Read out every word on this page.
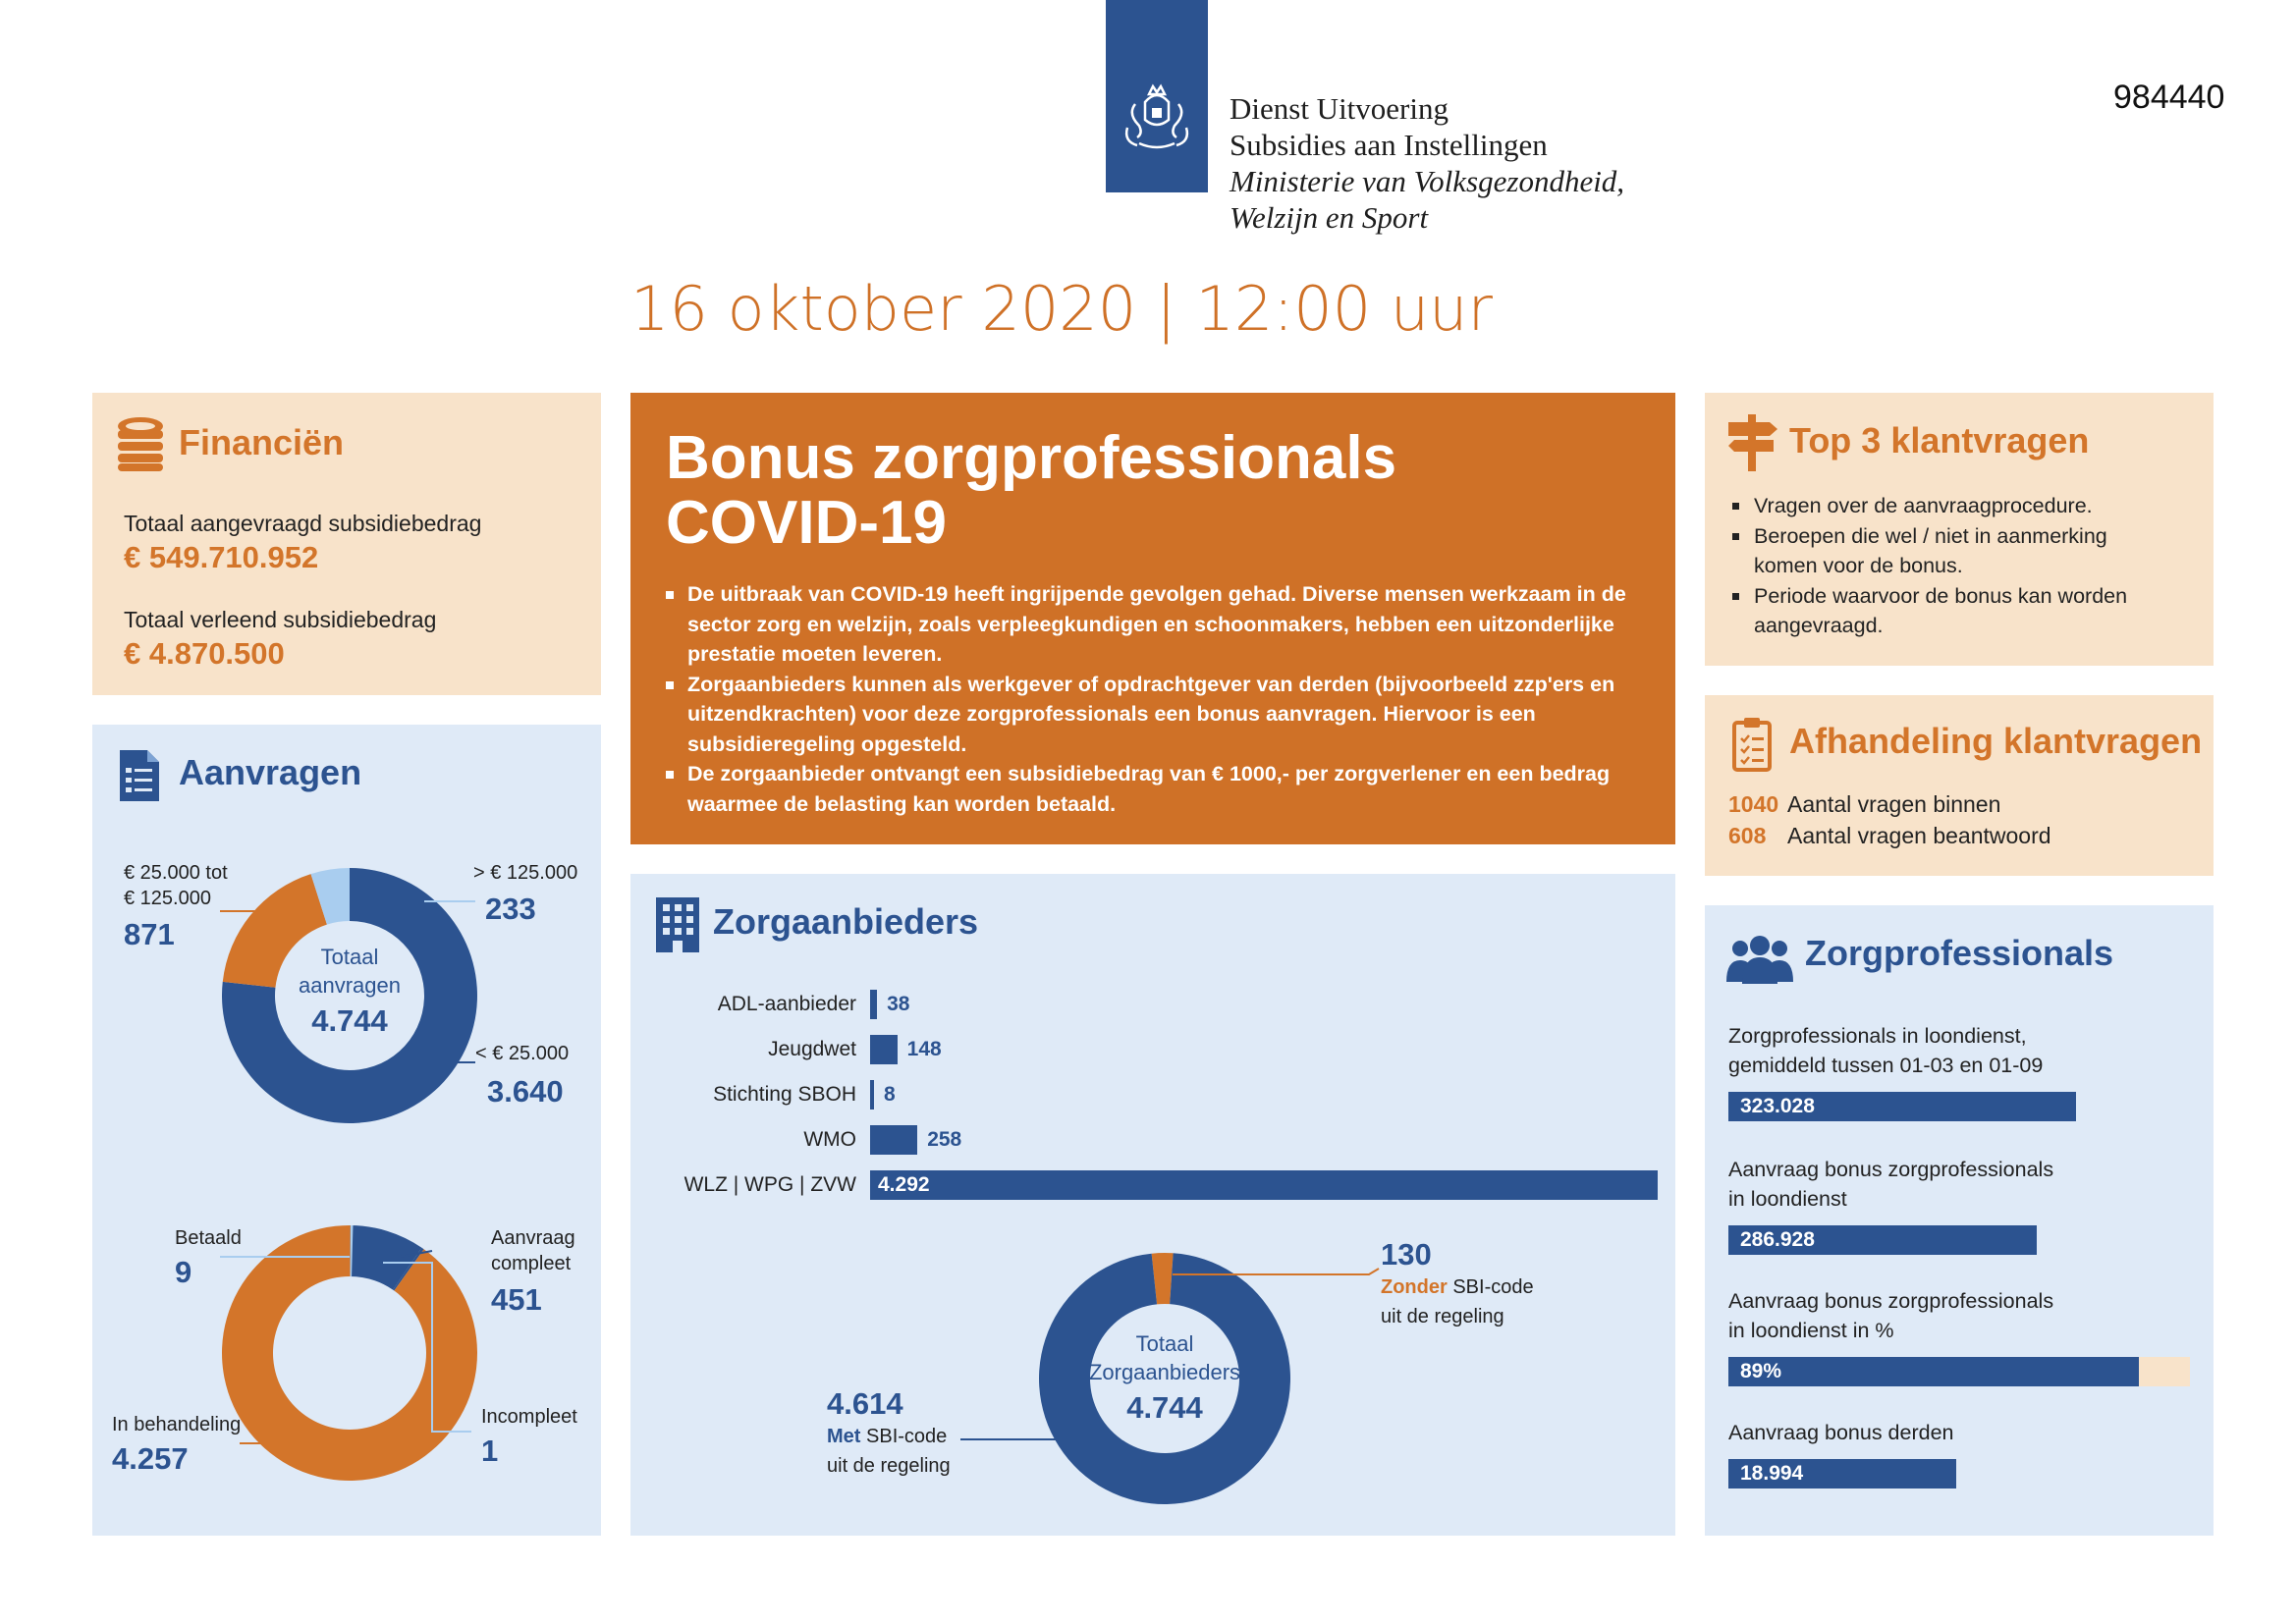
Dienst Uitvoering
Subsidies aan Instellingen
Ministerie van Volksgezondheid,
Welzijn en Sport
984440
16 oktober 2020 | 12:00 uur
Financiën
Totaal aangevraagd subsidiebedrag
€ 549.710.952
Totaal verleend subsidiebedrag
€ 4.870.500
Aanvragen
Totaal
aanvragen
4.744
€ 25.000 tot
€ 125.000
871
> € 125.000
233
< € 25.000
3.640
Betaald
9
Aanvraag
compleet
451
Incompleet
1
In behandeling
4.257
Bonus zorgprofessionals
COVID-19
De uitbraak van COVID-19 heeft ingrijpende gevolgen gehad. Diverse mensen werkzaam in de sector zorg en welzijn, zoals verpleegkundigen en schoonmakers, hebben een uitzonderlijke prestatie moeten leveren.
Zorgaanbieders kunnen als werkgever of opdrachtgever van derden (bijvoorbeeld zzp'ers en uitzendkrachten) voor deze zorgprofessionals een bonus aanvragen. Hiervoor is een subsidieregeling opgesteld.
De zorgaanbieder ontvangt een subsidiebedrag van € 1000,- per zorgverlener en een bedrag waarmee de belasting kan worden betaald.
Zorgaanbieders
ADL-aanbieder 38
Jeugdwet 148
Stichting SBOH 8
WMO	258
WLZ | WPG | ZVW 4.292
Totaal
Zorgaanbieders
4.744
130
Zonder SBI-code
uit de regeling
4.614
Met SBI-code
uit de regeling
Top 3 klantvragen
Vragen over de aanvraagprocedure.
Beroepen die wel / niet in aanmerking komen voor de bonus.
Periode waarvoor de bonus kan worden aangevraagd.
Afhandeling klantvragen
1040 Aantal vragen binnen
608 Aantal vragen beantwoord
Zorgprofessionals
Zorgprofessionals in loondienst,
gemiddeld tussen 01-03 en 01-09
323.028
Aanvraag bonus zorgprofessionals
in loondienst
286.928
Aanvraag bonus zorgprofessionals
in loondienst in %
89%
Aanvraag bonus derden
18.994
